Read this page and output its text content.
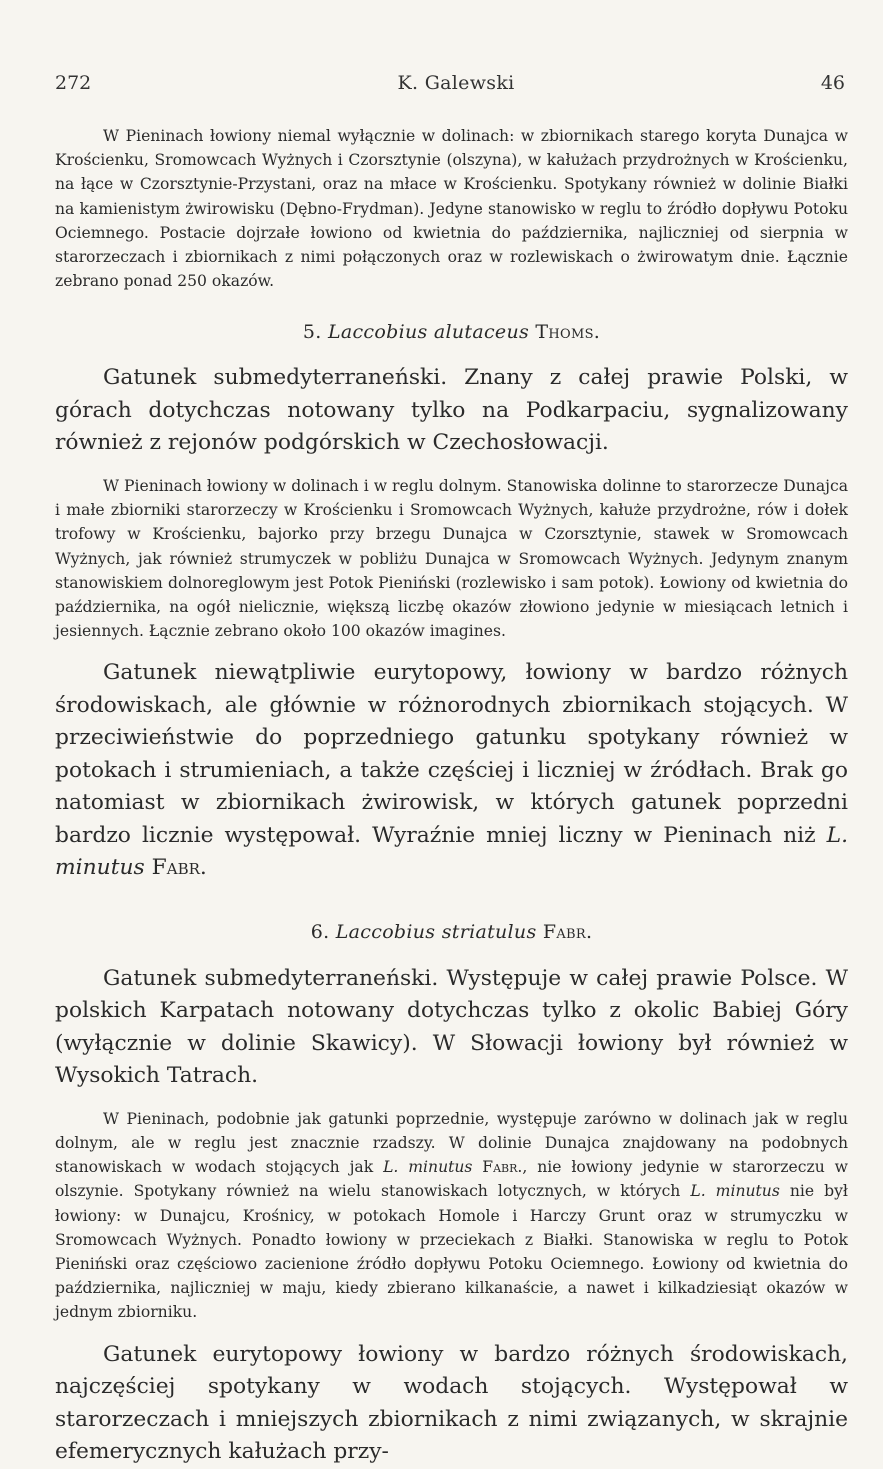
272	K. Galewski	46

W Pieninach łowiony niemal wyłącznie w dolinach: w zbiornikach starego koryta Dunajca w Krościenku, Sromowcach Wyżnych i Czorsztynie (olszyna), w kałużach przydrożnych w Krościenku, na łące w Czorsztynie-Przystani, oraz na młace w Krościenku. Spotykany również w dolinie Białki na kamienistym żwirowisku (Dębno-Frydman). Jedyne stanowisko w reglu to źródło dopływu Potoku Ociemnego. Postacie dojrzałe łowiono od kwietnia do października, najliczniej od sierpnia w starorzeczach i zbiornikach z nimi połączonych oraz w rozlewiskach o żwirowatym dnie. Łącznie zebrano ponad 250 okazów.

5. Laccobius alutaceus Thoms.

Gatunek submedyterraneński. Znany z całej prawie Polski, w górach dotychczas notowany tylko na Podkarpaciu, sygnalizowany również z rejonów podgórskich w Czechosłowacji.

W Pieninach łowiony w dolinach i w reglu dolnym. Stanowiska dolinne to starorzecze Dunajca i małe zbiorniki starorzeczy w Krościenku i Sromowcach Wyżnych, kałuże przydrożne, rów i dołek trofowy w Krościenku, bajorko przy brzegu Dunajca w Czorsztynie, stawek w Sromowcach Wyżnych, jak również strumyczek w pobliżu Dunajca w Sromowcach Wyżnych. Jedynym znanym stanowiskiem dolnoreglowym jest Potok Pieniński (rozlewisko i sam potok). Łowiony od kwietnia do października, na ogół nielicznie, większą liczbę okazów złowiono jedynie w miesiącach letnich i jesiennych. Łącznie zebrano około 100 okazów imagines.

Gatunek niewątpliwie eurytopowy, łowiony w bardzo różnych środowiskach, ale głównie w różnorodnych zbiornikach stojących. W przeciwieństwie do poprzedniego gatunku spotykany również w potokach i strumieniach, a także częściej i liczniej w źródłach. Brak go natomiast w zbiornikach żwirowisk, w których gatunek poprzedni bardzo licznie występował. Wyraźnie mniej liczny w Pieninach niż L. minutus Fabr.

6. Laccobius striatulus Fabr.

Gatunek submedyterraneński. Występuje w całej prawie Polsce. W polskich Karpatach notowany dotychczas tylko z okolic Babiej Góry (wyłącznie w dolinie Skawicy). W Słowacji łowiony był również w Wysokich Tatrach.

W Pieninach, podobnie jak gatunki poprzednie, występuje zarówno w dolinach jak w reglu dolnym, ale w reglu jest znacznie rzadszy. W dolinie Dunajca znajdowany na podobnych stanowiskach w wodach stojących jak L. minutus Fabr., nie łowiony jedynie w starorzeczu w olszynie. Spotykany również na wielu stanowiskach lotycznych, w których L. minutus nie był łowiony: w Dunajcu, Krośnicy, w potokach Homole i Harczy Grunt oraz w strumyczku w Sromowcach Wyżnych. Ponadto łowiony w przeciekach z Białki. Stanowiska w reglu to Potok Pieniński oraz częściowo zacienione źródło dopływu Potoku Ociemnego. Łowiony od kwietnia do października, najliczniej w maju, kiedy zbierano kilkanaście, a nawet i kilkadziesiąt okazów w jednym zbiorniku.

Gatunek eurytopowy łowiony w bardzo różnych środowiskach, najczęściej spotykany w wodach stojących. Występował w starorzeczach i mniejszych zbiornikach z nimi związanych, w skrajnie efemerycznych kałużach przy-
